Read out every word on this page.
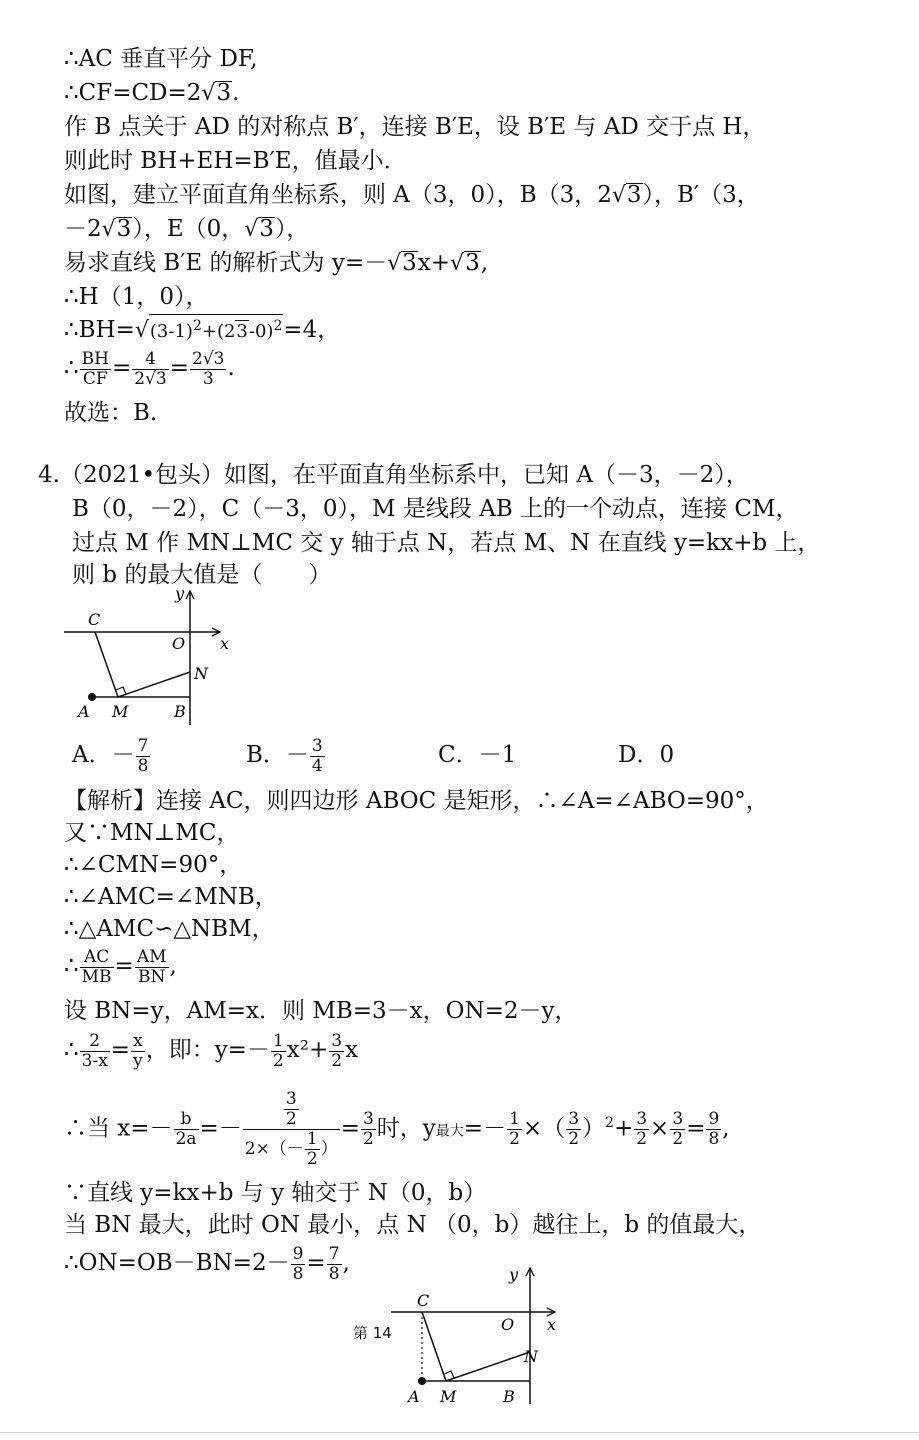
∴AC 垂直平分 DF,
∴CF=CD=2√3.
作 B 点关于 AD 的对称点 B′，连接 B′E，设 B′E 与 AD 交于点 H，
则此时 BH+EH=B′E，值最小．
如图，建立平面直角坐标系，则 A（3，0），B（3，2√3），B′（3，
－2√3），E（0，√3），
易求直线 B′E 的解析式为 y=－√3x+√3,
∴H（1，0），
$\therefore BH=√(3-1)^2+(23-0)^2=4$，
∴ $\frac{BH}{CF} = \frac{4}{2√3} = \frac{2√3}{3}$ .
故选：B.
4.（2021•包头）如图，在平面直角坐标系中，已知 A（－3，－2），
B（0，－2），C（－3，0），M 是线段 AB 上的一个动点，连接 CM，
过点 M 作 MN⊥MC 交 y 轴于点 N，若点 M、N 在直线 y=kx+b 上，
则 b 的最大值是（　　）
y
x
C
O
N
A M	B
A．－ $\frac{7}{8}$	B．－ $\frac{3}{4}$	C．－1	D．0
【解析】连接 AC，则四边形 ABOC 是矩形，∴∠A=∠ABO=90°，
又∵MN⊥MC，
∴∠CMN=90°，
∴∠AMC=∠MNB，
∴△AMC∽△NBM，
∴ $\frac{AC}{MB} = \frac{AM}{BN}$ ,
设 BN=y，AM=x．则 MB=3－x，ON=2－y，
∴ $\frac{2}{3-x} = \frac{x}{y}$ ，即：$y=- \frac{1}{2} x^2+ \frac{3}{2}$ x
∴当 $x=- \frac{b}{2a} =- \frac{\frac{3}{2}}{2\times(- \frac{1}{2} )} = \frac{3}{2}$ 时，y最大=－ $\frac{1}{2}$ ×（ $\frac{3}{2} )^2+ \frac{3}{2} \times \frac{3}{2} = \frac{9}{8}$ ,
∵直线 y=kx+b 与 y 轴交于 N（0，b）
当 BN 最大，此时 ON 最小，点 N （0，b）越往上，b 的值最大，
∴ON=OB－BN=2－ $\frac{9}{8} = \frac{7}{8}$ ,
第 14
y
x
C
O
N
A M	B
